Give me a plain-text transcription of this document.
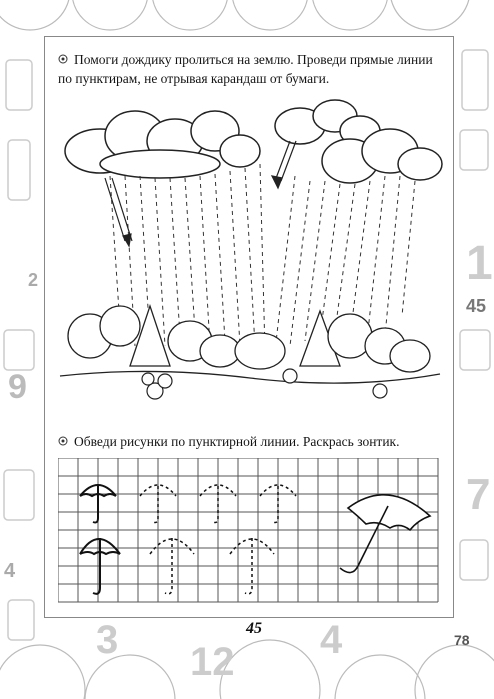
2
45
9
1
4
7
3 12 4	78
Помоги дождику пролиться на землю. Проведи прямые линии по пунктирам, не отрывая карандаш от бумаги.
Обведи рисунки по пунктирной линии. Раскрась зонтик.
45
